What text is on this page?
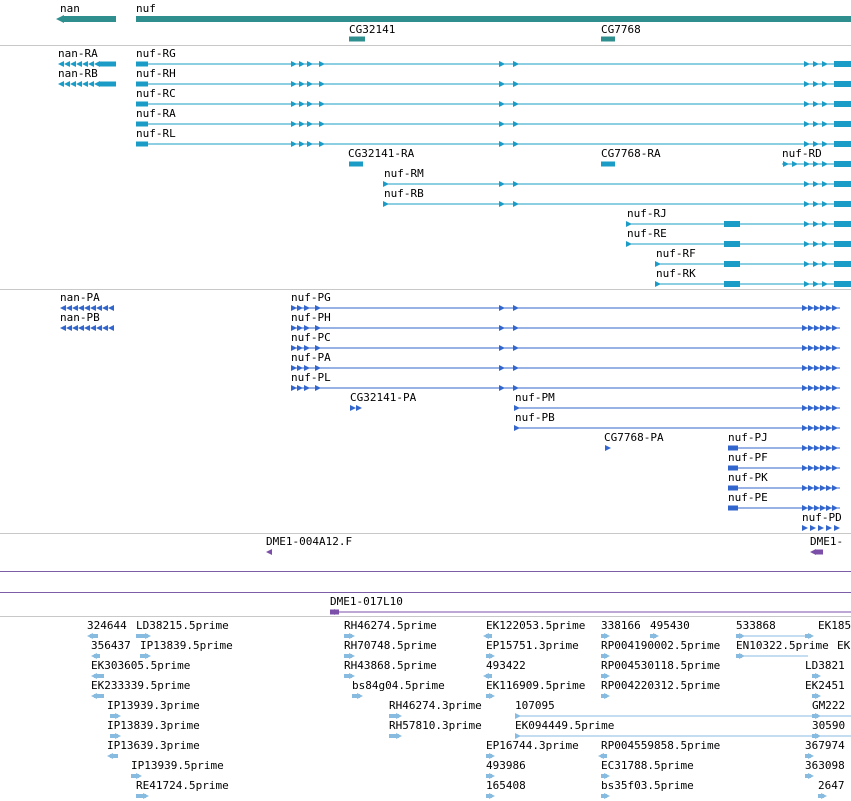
nan	nuf
CG32141	CG7768
nan-RA
nan-RB
nuf-RG
nuf-RH
nuf-RC
nuf-RA
nuf-RL
CG32141-RA	CG7768-RA	nuf-RD
nuf-RM
nuf-RB
nuf-RJ
nuf-RE
nuf-RF
nuf-RK
nan-PA
nan-PB
nuf-PG
nuf-PH
nuf-PC
nuf-PA
nuf-PL
CG32141-PA	nuf-PM
nuf-PB
CG7768-PA	nuf-PJ
nuf-PF
nuf-PK
nuf-PE
nuf-PD
DME1-004A12.F	DME1-
DME1-017L10
324644 LD38215.5prime
356437 IP13839.5prime
EK303605.5prime
EK233339.5prime
IP13939.3prime
IP13839.3prime
IP13639.3prime
IP13939.5prime
RE41724.5prime
RH46274.5prime
RH70748.5prime
RH43868.5prime
bs84g04.5prime
RH46274.3prime
RH57810.3prime
EK122053.5prime
EP15751.3prime
493422
EK116909.5prime
107095
EK094449.5prime
EP16744.3prime
493986
165408
338166 495430
RP004190002.5prime
RP004530118.5prime
RP004220312.5prime
RP004559858.5prime
EC31788.5prime
bs35f03.5prime
533868
EN10322.5prime
EK185
EK
LD3821
EK2451
GM222
30590
367974
363098
2647
